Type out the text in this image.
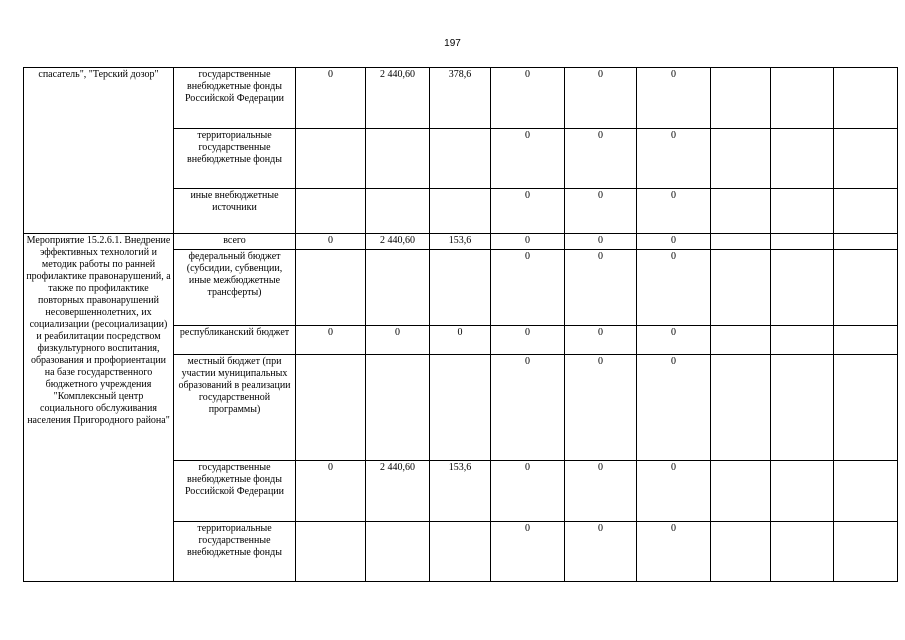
197
спасатель", "Терский дозор"	государственные внебюджетные фонды Российской Федерации	0	2 440,60	378,6	0	0	0			
	территориальные государственные внебюджетные фонды				0	0	0			
	иные внебюджетные источники				0	0	0			
Мероприятие 15.2.6.1. Внедрение эффективных технологий и методик работы по ранней профилактике правонарушений, а также по профилактике повторных правонарушений несовершеннолетних, их социализации (ресоциализации) и реабилитации посредством физкультурного воспитания, образования и профориентации на базе государственного бюджетного учреждения "Комплексный центр социального обслуживания населения Пригородного района"	всего	0	2 440,60	153,6	0	0	0			
	федеральный бюджет (субсидии, субвенции, иные межбюджетные трансферты)				0	0	0			
	республиканский бюджет	0	0	0	0	0	0			
	местный бюджет (при участии муниципальных образований в реализации государственной программы)				0	0	0			
	государственные внебюджетные фонды Российской Федерации	0	2 440,60	153,6	0	0	0			
	территориальные государственные внебюджетные фонды				0	0	0			
